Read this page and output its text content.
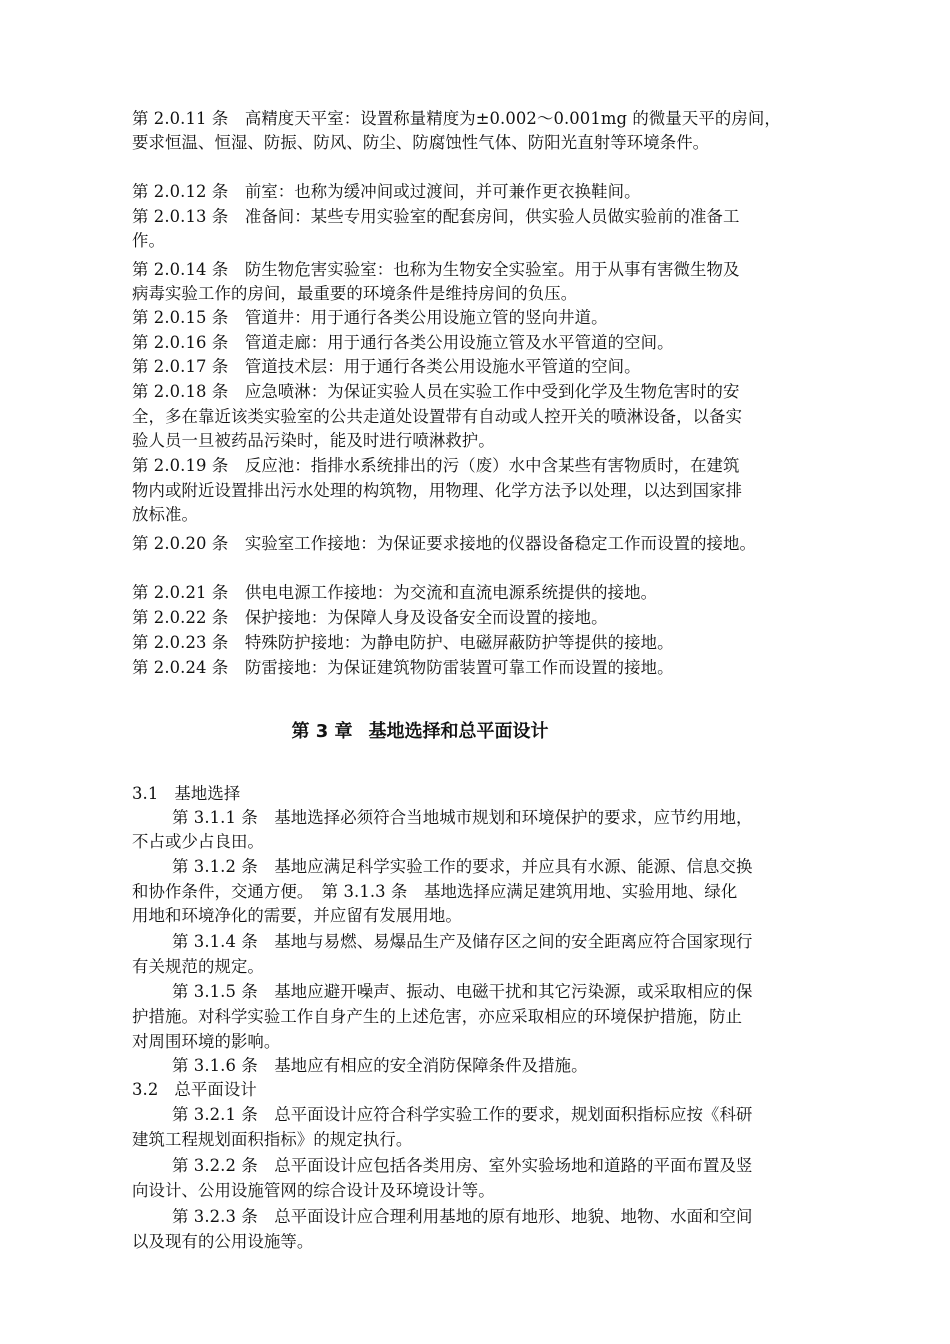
第 2.0.11 条　高精度天平室：设置称量精度为±0.002～0.001mg 的微量天平的房间，
要求恒温、恒湿、防振、防风、防尘、防腐蚀性气体、防阳光直射等环境条件。
第 2.0.12 条　前室：也称为缓冲间或过渡间，并可兼作更衣换鞋间。
第 2.0.13 条　准备间：某些专用实验室的配套房间，供实验人员做实验前的准备工
作。
第 2.0.14 条　防生物危害实验室：也称为生物安全实验室。用于从事有害微生物及
病毒实验工作的房间，最重要的环境条件是维持房间的负压。
第 2.0.15 条　管道井：用于通行各类公用设施立管的竖向井道。
第 2.0.16 条　管道走廊：用于通行各类公用设施立管及水平管道的空间。
第 2.0.17 条　管道技术层：用于通行各类公用设施水平管道的空间。
第 2.0.18 条　应急喷淋：为保证实验人员在实验工作中受到化学及生物危害时的安
全，多在靠近该类实验室的公共走道处设置带有自动或人控开关的喷淋设备，以备实
验人员一旦被药品污染时，能及时进行喷淋救护。
第 2.0.19 条　反应池：指排水系统排出的污（废）水中含某些有害物质时，在建筑
物内或附近设置排出污水处理的构筑物，用物理、化学方法予以处理，以达到国家排
放标准。
第 2.0.20 条　实验室工作接地：为保证要求接地的仪器设备稳定工作而设置的接地。
第 2.0.21 条　供电电源工作接地：为交流和直流电源系统提供的接地。
第 2.0.22 条　保护接地：为保障人身及设备安全而设置的接地。
第 2.0.23 条　特殊防护接地：为静电防护、电磁屏蔽防护等提供的接地。
第 2.0.24 条　防雷接地：为保证建筑物防雷装置可靠工作而设置的接地。
第 3 章 基地选择和总平面设计
3.1 基地选择
第 3.1.1 条　基地选择必须符合当地城市规划和环境保护的要求，应节约用地，
不占或少占良田。
第 3.1.2 条　基地应满足科学实验工作的要求，并应具有水源、能源、信息交换
和协作条件，交通方便。　第 3.1.3 条　基地选择应满足建筑用地、实验用地、绿化
用地和环境净化的需要，并应留有发展用地。
第 3.1.4 条　基地与易燃、易爆品生产及储存区之间的安全距离应符合国家现行
有关规范的规定。
第 3.1.5 条　基地应避开噪声、振动、电磁干扰和其它污染源，或采取相应的保
护措施。对科学实验工作自身产生的上述危害，亦应采取相应的环境保护措施，防止
对周围环境的影响。
第 3.1.6 条　基地应有相应的安全消防保障条件及措施。
3.2 总平面设计
第 3.2.1 条　总平面设计应符合科学实验工作的要求，规划面积指标应按《科研
建筑工程规划面积指标》的规定执行。
第 3.2.2 条　总平面设计应包括各类用房、室外实验场地和道路的平面布置及竖
向设计、公用设施管网的综合设计及环境设计等。
第 3.2.3 条　总平面设计应合理利用基地的原有地形、地貌、地物、水面和空间
以及现有的公用设施等。
